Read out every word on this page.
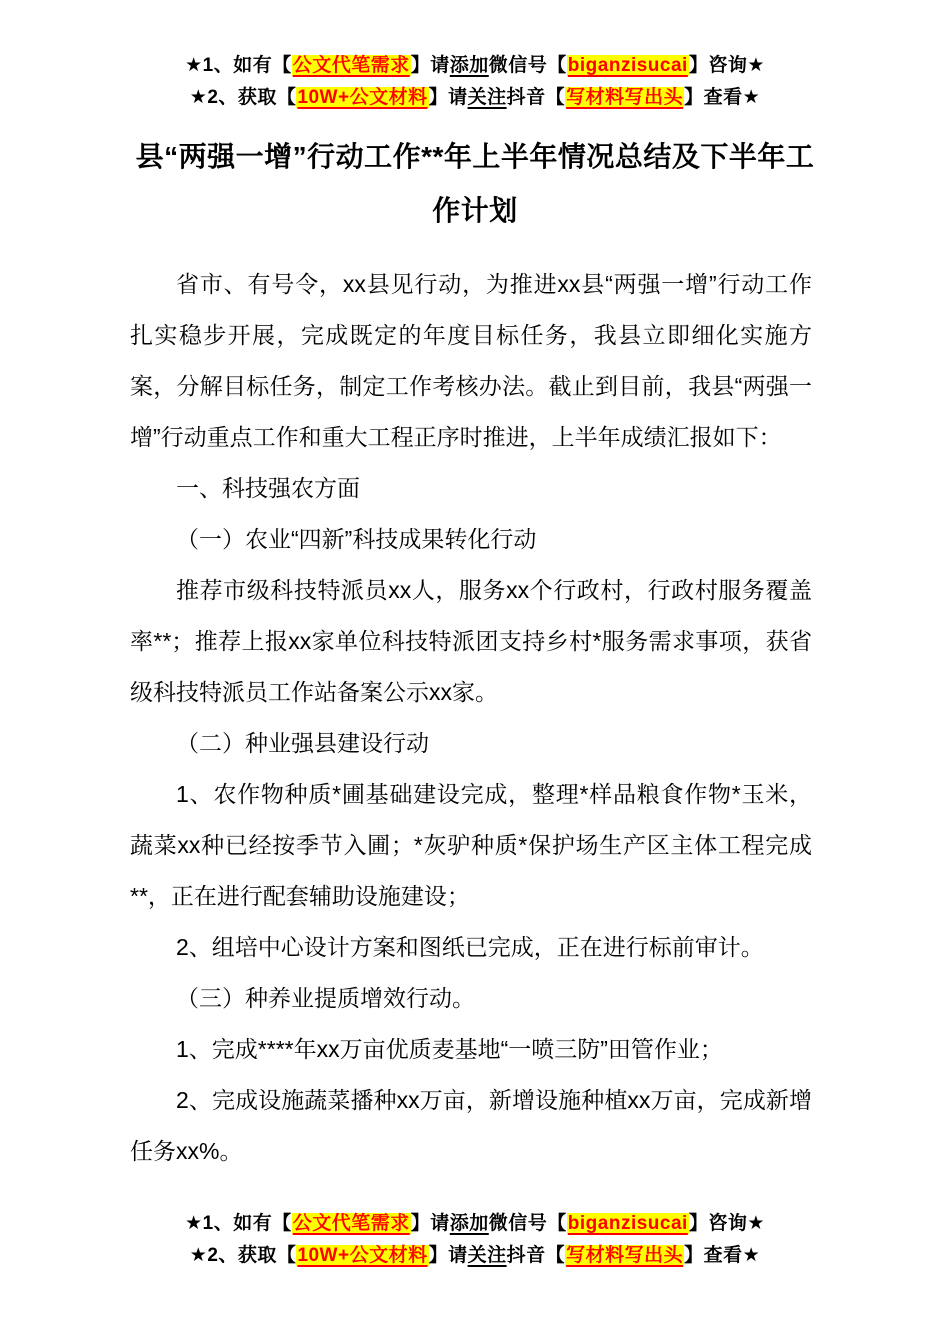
★1、如有【公文代笔需求】请添加微信号【biganzisucai】咨询★
★2、获取【10W+公文材料】请关注抖音【写材料写出头】查看★
县“两强一增”行动工作**年上半年情况总结及下半年工作计划

省市、有号令，xx县见行动，为推进xx县“两强一增”行动工作扎实稳步开展，完成既定的年度目标任务，我县立即细化实施方案，分解目标任务，制定工作考核办法。截止到目前，我县“两强一增”行动重点工作和重大工程正序时推进，上半年成绩汇报如下：

一、科技强农方面

（一）农业“四新”科技成果转化行动

推荐市级科技特派员xx人，服务xx个行政村，行政村服务覆盖率**；推荐上报xx家单位科技特派团支持乡村*服务需求事项，获省级科技特派员工作站备案公示xx家。

（二）种业强县建设行动

1、农作物种质*圃基础建设完成，整理*样品粮食作物*玉米，蔬菜xx种已经按季节入圃；*灰驴种质*保护场生产区主体工程完成**，正在进行配套辅助设施建设；

2、组培中心设计方案和图纸已完成，正在进行标前审计。

（三）种养业提质增效行动。

1、完成****年xx万亩优质麦基地“一喷三防”田管作业；

2、完成设施蔬菜播种xx万亩，新增设施种植xx万亩，完成新增任务xx%。

★1、如有【公文代笔需求】请添加微信号【biganzisucai】咨询★
★2、获取【10W+公文材料】请关注抖音【写材料写出头】查看★
